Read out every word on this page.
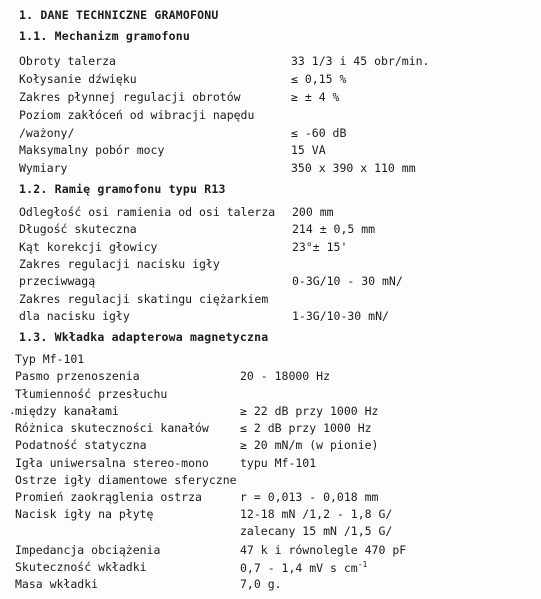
1. DANE TECHNICZNE GRAMOFONU
1.1. Mechanizm gramofonu
Obroty talerza	33 1/3 i 45 obr/min.
Kołysanie dźwięku	≤ 0,15 %
Zakres płynnej regulacji obrotów	≥ ± 4 %
Poziom zakłóceń od wibracji napędu
/ważony/	≤ -60 dB
Maksymalny pobór mocy	15 VA
Wymiary	350 x 390 x 110 mm
1.2. Ramię gramofonu typu R13
Odległość osi ramienia od osi talerza 200 mm
Długość skuteczna	214 ± 0,5 mm
Kąt korekcji głowicy	23°± 15'
Zakres regulacji nacisku igły
przeciwwagą	0-3G/10 - 30 mN/
Zakres regulacji skatingu ciężarkiem
dla nacisku igły	1-3G/10-30 mN/
1.3. Wkładka adapterowa magnetyczna
Typ Mf-101
Pasmo przenoszenia	20 - 18000 Hz
Tłumienność przesłuchu
. między kanałami	≥ 22 dB przy 1000 Hz
Różnica skuteczności kanałów	≤ 2 dB przy 1000 Hz
Podatność statyczna	≥ 20 mN/m (w pionie)
Igła uniwersalna stereo-mono	typu Mf-101
Ostrze igły diamentowe sferyczne
Promień zaokrąglenia ostrza	r = 0,013 - 0,018 mm
Nacisk igły na płytę	12-18 mN /1,2 - 1,8 G/
zalecany 15 mN /1,5 G/
Impedancja obciążenia	47 k i równolegle 470 pF
Skuteczność wkładki	0,7 - 1,4 mV s $cm^{-1}$
Masa wkładki	7,0 g.
